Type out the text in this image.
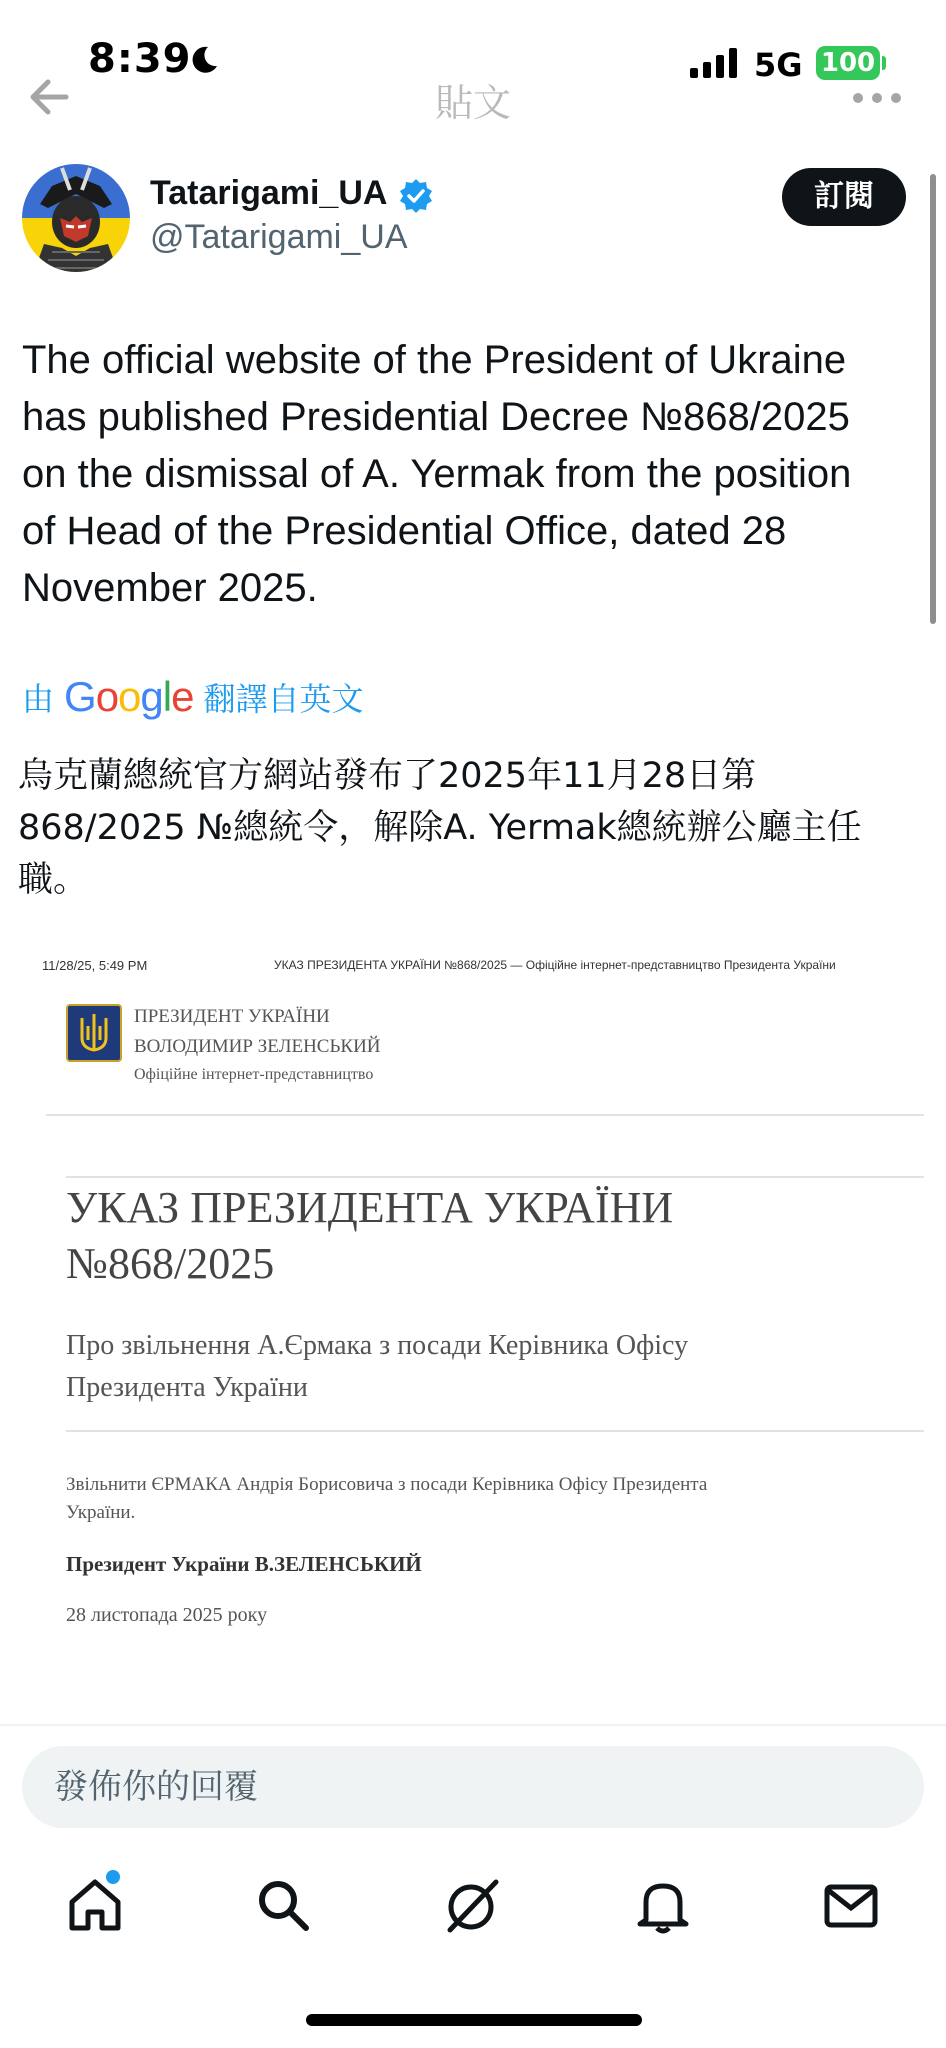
8:39	5G 100
貼文
Tatarigami_UA
@Tatarigami_UA
訂閱
The official website of the President of Ukraine
has published Presidential Decree №868/2025
on the dismissal of A. Yermak from the position
of Head of the Presidential Office, dated 28
November 2025.
由 Google 翻譯自英文
烏克蘭總統官方網站發布了2025年11月28日第
868/2025 №總統令，解除A. Yermak總統辦公廳主任
職。
11/28/25, 5:49 PM	УКАЗ ПРЕЗИДЕНТА УКРАЇНИ №868/2025 — Офіційне інтернет-представництво Президента України
ПРЕЗИДЕНТ УКРАЇНИ
ВОЛОДИМИР ЗЕЛЕНСЬКИЙ
Офіційне інтернет-представництво
УКАЗ ПРЕЗИДЕНТА УКРАЇНИ
№868/2025
Про звільнення А.Єрмака з посади Керівника Офісу
Президента України
Звільнити ЄРМАКА Андрія Борисовича з посади Керівника Офісу Президента
України.
Президент України В.ЗЕЛЕНСЬКИЙ
28 листопада 2025 року
發佈你的回覆
